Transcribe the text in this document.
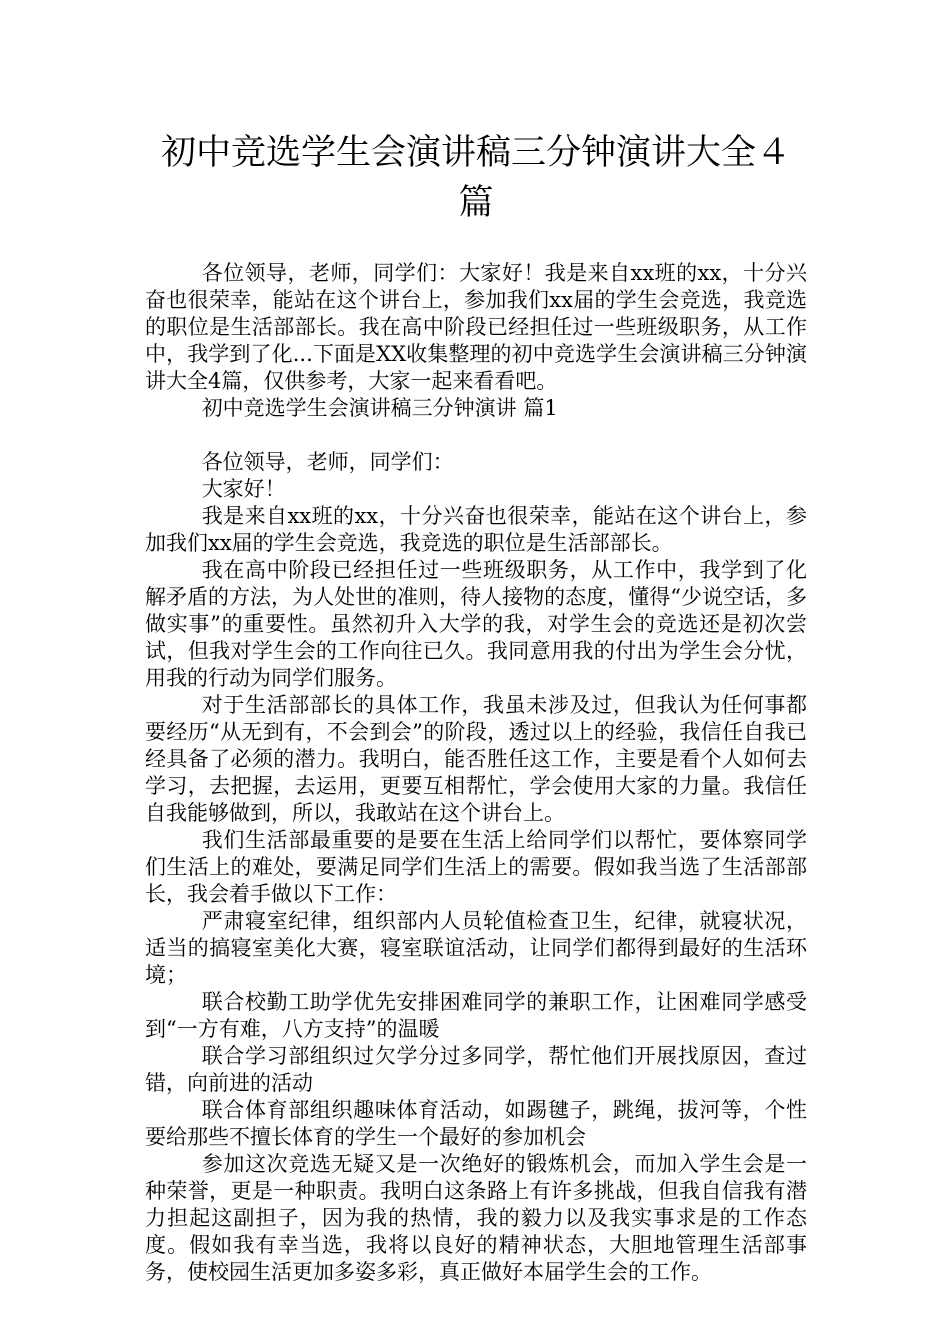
初中竞选学生会演讲稿三分钟演讲大全４篇

各位领导，老师，同学们：大家好！我是来自xx班的xx，十分兴奋也很荣幸，能站在这个讲台上，参加我们xx届的学生会竞选，我竞选的职位是生活部部长。我在高中阶段已经担任过一些班级职务，从工作中，我学到了化...下面是XX收集整理的初中竞选学生会演讲稿三分钟演讲大全4篇，仅供参考，大家一起来看看吧。

初中竞选学生会演讲稿三分钟演讲 篇1

各位领导，老师，同学们：

大家好！

我是来自xx班的xx，十分兴奋也很荣幸，能站在这个讲台上，参加我们xx届的学生会竞选，我竞选的职位是生活部部长。

我在高中阶段已经担任过一些班级职务，从工作中，我学到了化解矛盾的方法，为人处世的准则，待人接物的态度，懂得“少说空话，多做实事”的重要性。虽然初升入大学的我，对学生会的竞选还是初次尝试，但我对学生会的工作向往已久。我同意用我的付出为学生会分忧，用我的行动为同学们服务。

对于生活部部长的具体工作，我虽未涉及过，但我认为任何事都要经历“从无到有，不会到会”的阶段，透过以上的经验，我信任自我已经具备了必须的潜力。我明白，能否胜任这工作，主要是看个人如何去学习，去把握，去运用，更要互相帮忙，学会使用大家的力量。我信任自我能够做到，所以，我敢站在这个讲台上。

我们生活部最重要的是要在生活上给同学们以帮忙，要体察同学们生活上的难处，要满足同学们生活上的需要。假如我当选了生活部部长，我会着手做以下工作：

严肃寝室纪律，组织部内人员轮值检查卫生，纪律，就寝状况，适当的搞寝室美化大赛，寝室联谊活动，让同学们都得到最好的生活环境；

联合校勤工助学优先安排困难同学的兼职工作，让困难同学感受到“一方有难，八方支持”的温暖

联合学习部组织过欠学分过多同学，帮忙他们开展找原因，查过错，向前进的活动

联合体育部组织趣味体育活动，如踢毽子，跳绳，拔河等，个性要给那些不擅长体育的学生一个最好的参加机会

参加这次竞选无疑又是一次绝好的锻炼机会，而加入学生会是一种荣誉，更是一种职责。我明白这条路上有许多挑战，但我自信我有潜力担起这副担子，因为我的热情，我的毅力以及我实事求是的工作态度。假如我有幸当选，我将以良好的精神状态，大胆地管理生活部事务，使校园生活更加多姿多彩，真正做好本届学生会的工作。
